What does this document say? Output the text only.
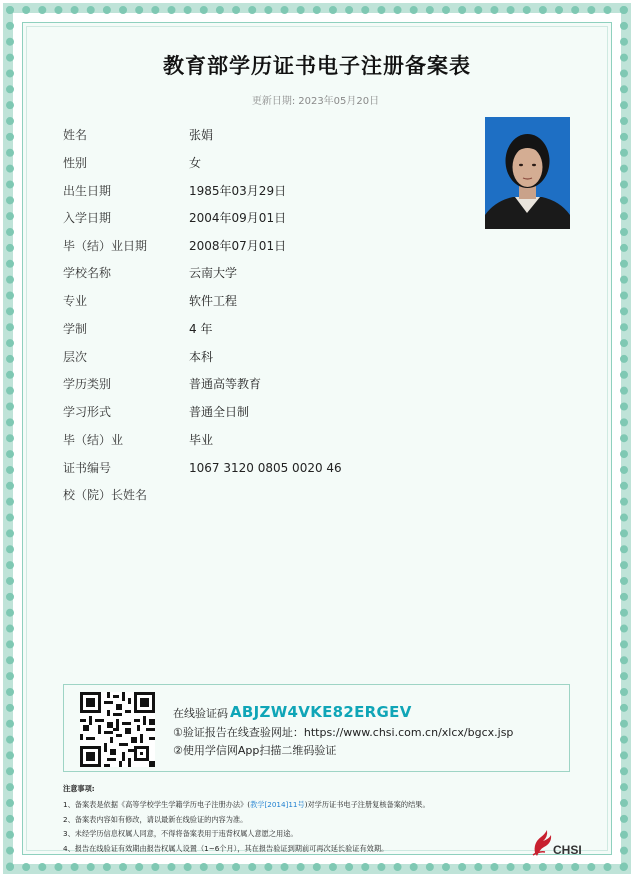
教育部学历证书电子注册备案表
更新日期: 2023年05月20日
姓名	张娟
性别	女
出生日期	1985年03月29日
入学日期	2004年09月01日
毕（结）业日期	2008年07月01日
学校名称	云南大学
专业	软件工程
学制	4 年
层次	本科
学历类别	普通高等教育
学习形式	普通全日制
毕（结）业	毕业
证书编号	1067 3120 0805 0020 46
校（院）长姓名
在线验证码 ABJZW4VKE82ERGEV
①验证报告在线查验网址：https://www.chsi.com.cn/xlcx/bgcx.jsp
②使用学信网App扫描二维码验证
注意事项:
1、备案表是依据《高等学校学生学籍学历电子注册办法》(教学[2014]11号)对学历证书电子注册复核备案的结果。
2、备案表内容如有修改，请以最新在线验证的内容为准。
3、未经学历信息权属人同意，不得将备案表用于违背权属人意愿之用途。
4、报告在线验证有效期由报告权属人设置（1~6个月），其在报告验证到期前可再次延长验证有效期。	CHSI
